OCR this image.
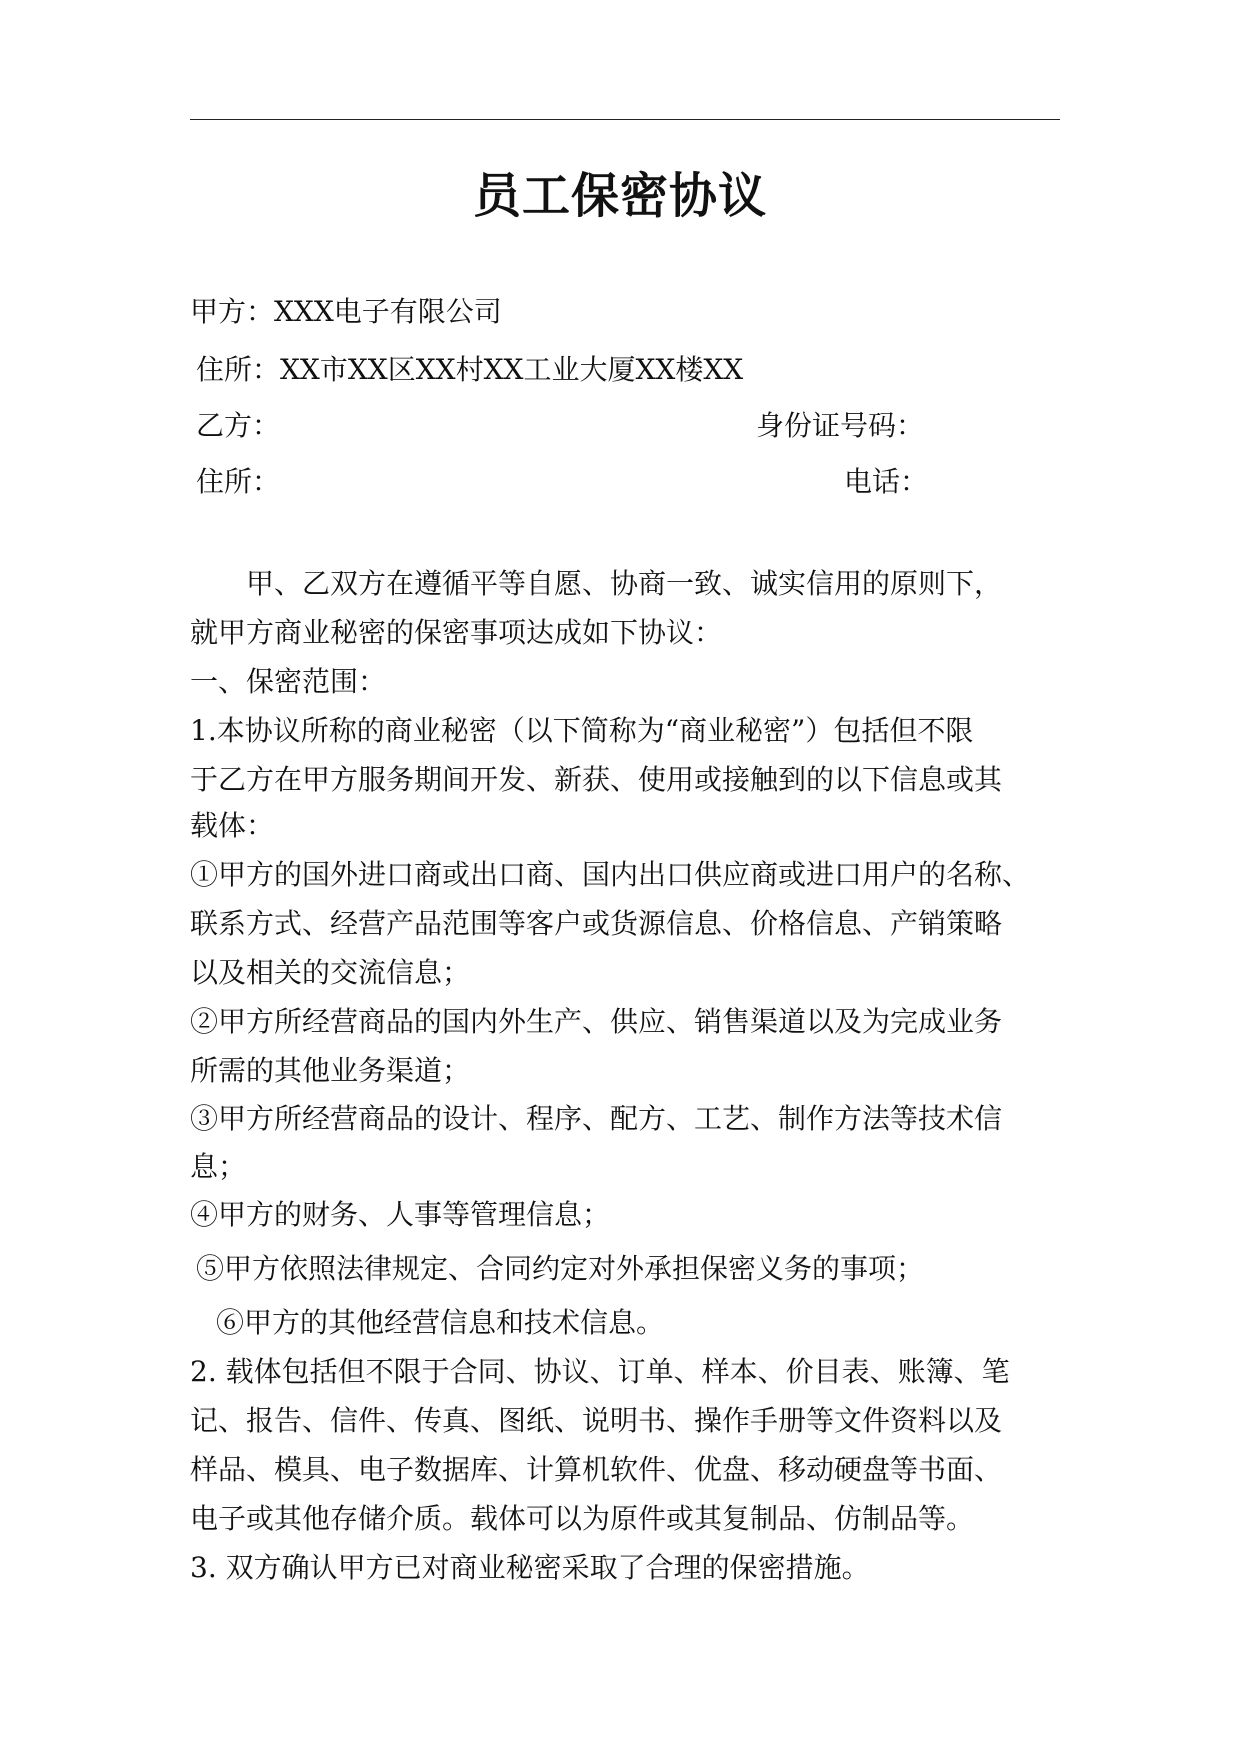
员工保密协议
甲方：XXX电子有限公司
住所：XX市XX区XX村XX工业大厦XX楼XX
乙方：	身份证号码：
住所：	电话：
甲、乙双方在遵循平等自愿、协商一致、诚实信用的原则下，
就甲方商业秘密的保密事项达成如下协议：
一、保密范围：
1.本协议所称的商业秘密（以下简称为“商业秘密”）包括但不限
于乙方在甲方服务期间开发、新获、使用或接触到的以下信息或其
载体：
①甲方的国外进口商或出口商、国内出口供应商或进口用户的名称、
联系方式、经营产品范围等客户或货源信息、价格信息、产销策略
以及相关的交流信息；
②甲方所经营商品的国内外生产、供应、销售渠道以及为完成业务
所需的其他业务渠道；
③甲方所经营商品的设计、程序、配方、工艺、制作方法等技术信
息；
④甲方的财务、人事等管理信息；
⑤甲方依照法律规定、合同约定对外承担保密义务的事项；
⑥甲方的其他经营信息和技术信息。
2. 载体包括但不限于合同、协议、订单、样本、价目表、账簿、笔
记、报告、信件、传真、图纸、说明书、操作手册等文件资料以及
样品、模具、电子数据库、计算机软件、优盘、移动硬盘等书面、
电子或其他存储介质。载体可以为原件或其复制品、仿制品等。
3. 双方确认甲方已对商业秘密采取了合理的保密措施。
